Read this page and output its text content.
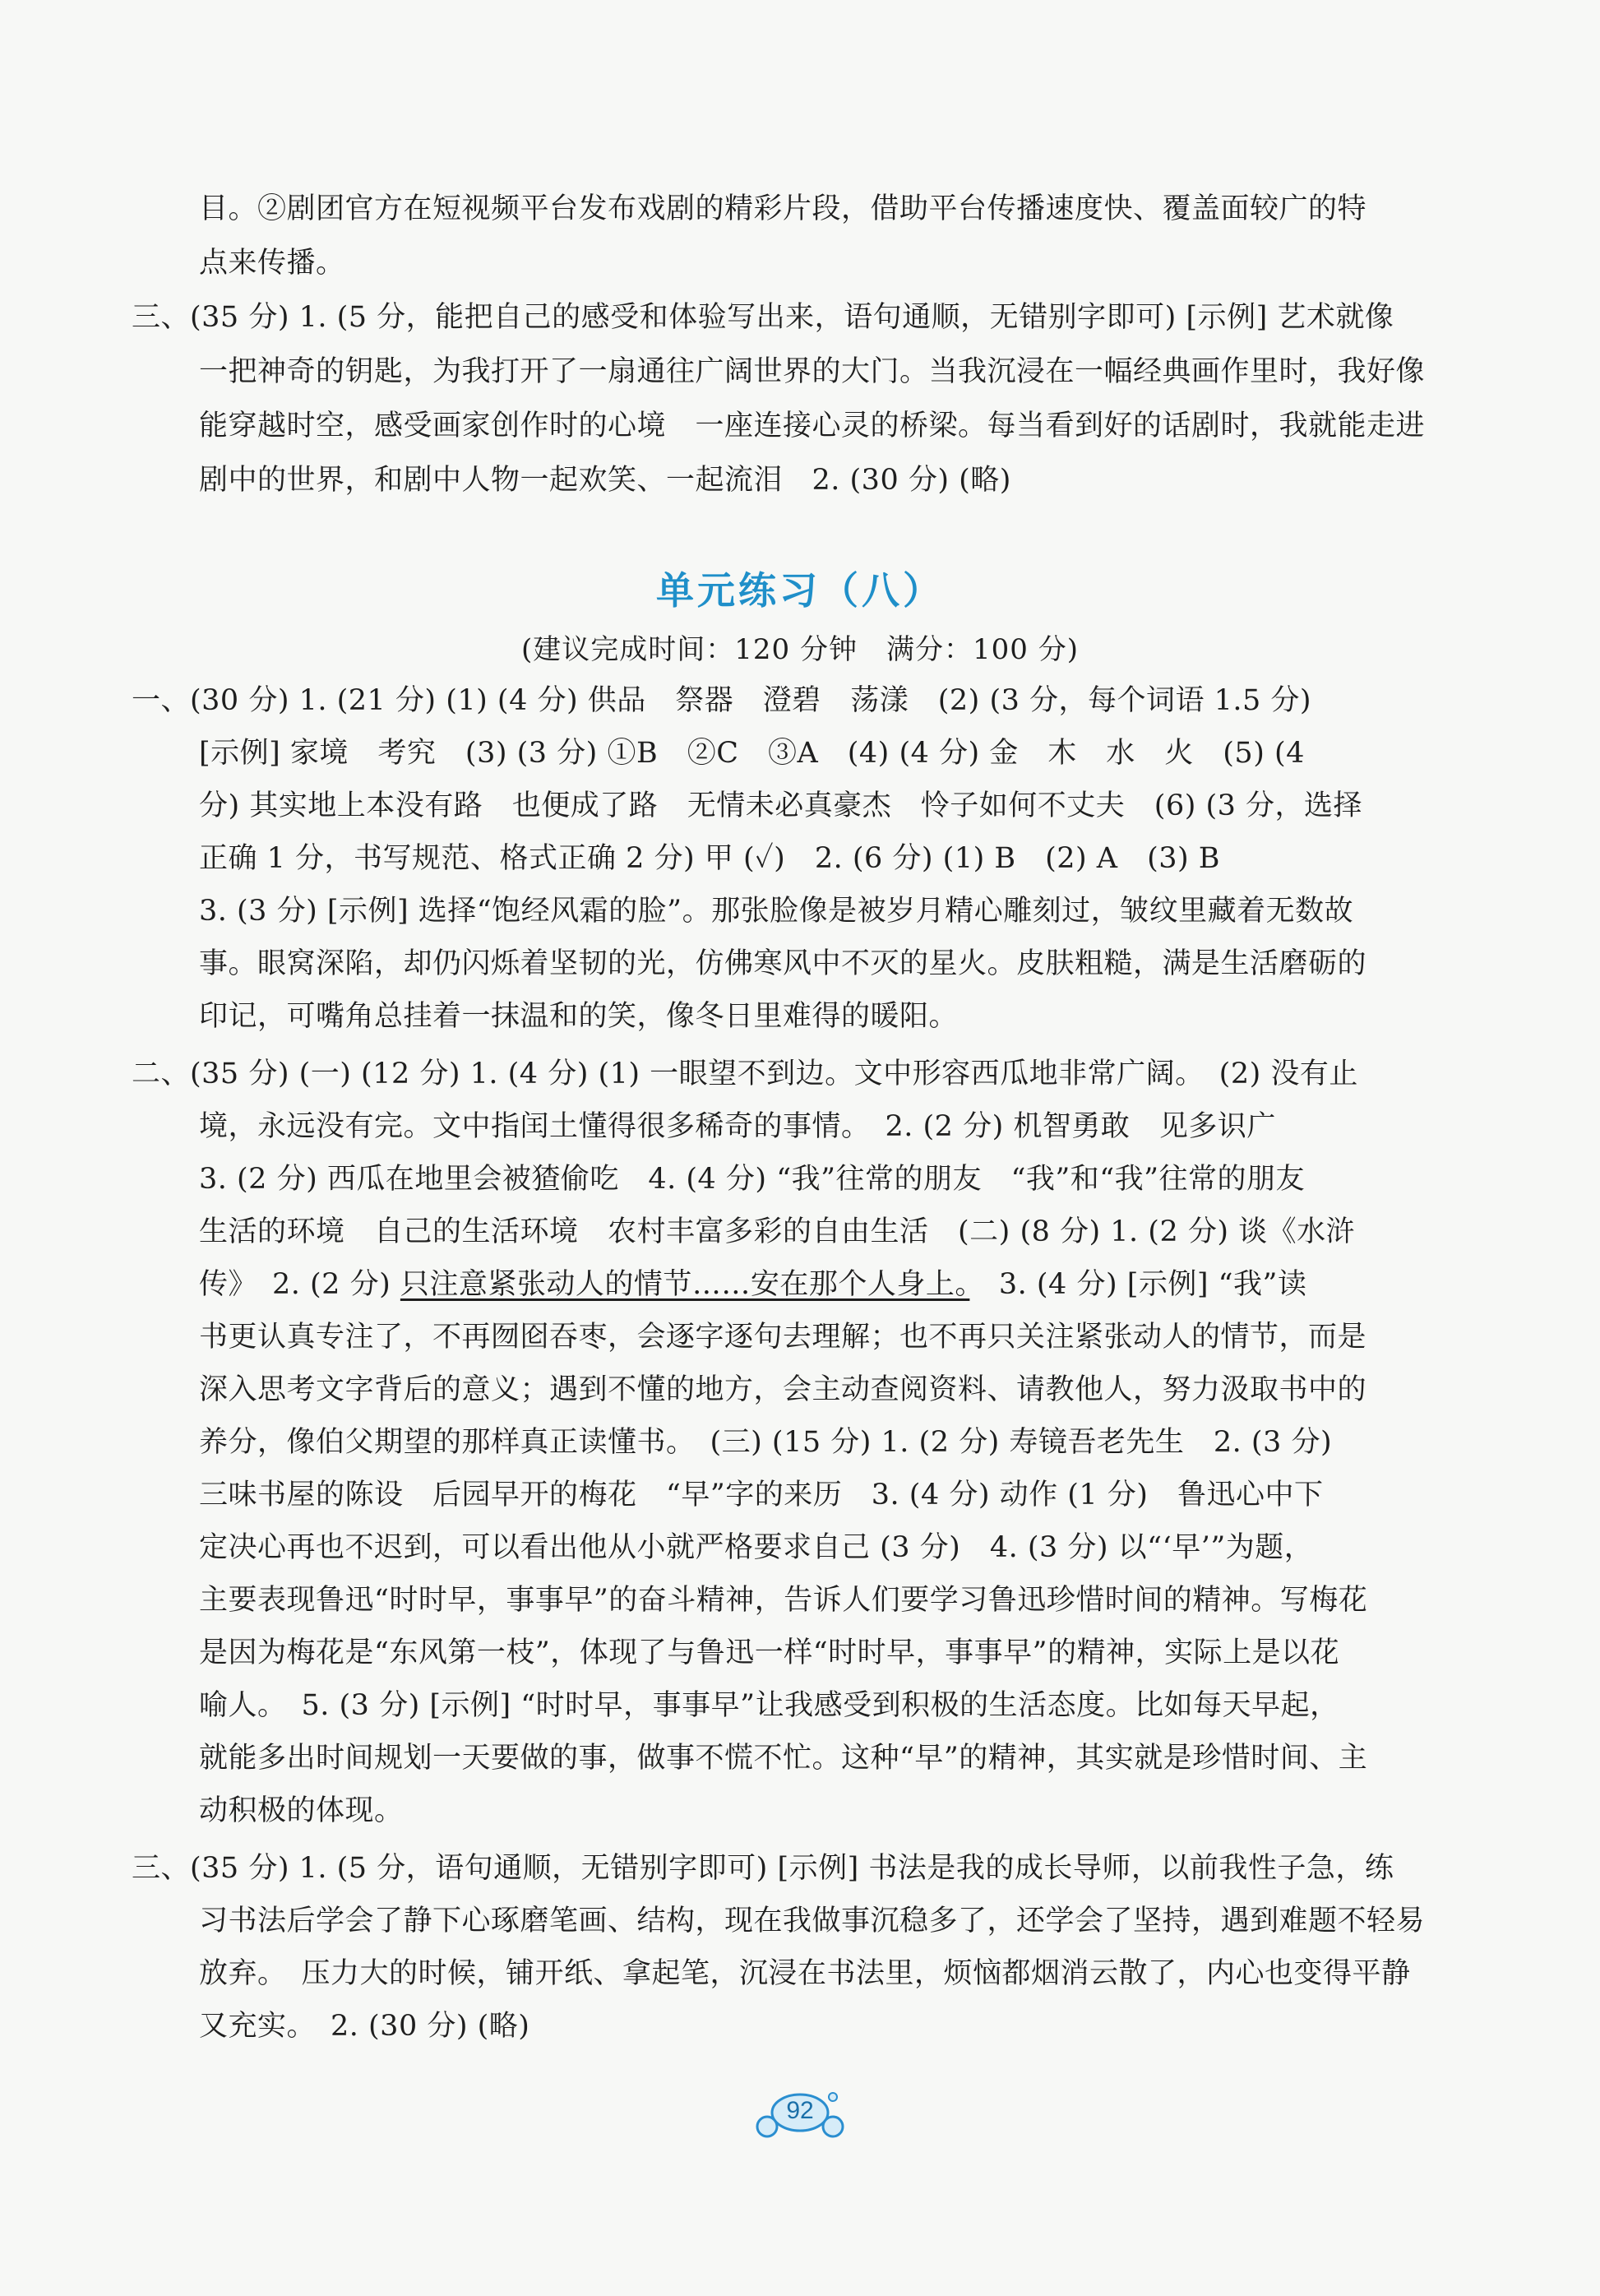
目。②剧团官方在短视频平台发布戏剧的精彩片段，借助平台传播速度快、覆盖面较广的特
点来传播。
三、(35 分) 1. (5 分，能把自己的感受和体验写出来，语句通顺，无错别字即可) [示例] 艺术就像
一把神奇的钥匙，为我打开了一扇通往广阔世界的大门。当我沉浸在一幅经典画作里时，我好像
能穿越时空，感受画家创作时的心境　一座连接心灵的桥梁。每当看到好的话剧时，我就能走进
剧中的世界，和剧中人物一起欢笑、一起流泪　2. (30 分) (略)
单元练习（八）
(建议完成时间：120 分钟　满分：100 分)
一、(30 分) 1. (21 分) (1) (4 分) 供品　祭器　澄碧　荡漾　(2) (3 分，每个词语 1.5 分)
[示例] 家境　考究　(3) (3 分) ①B　②C　③A　(4) (4 分) 金　木　水　火　(5) (4
分) 其实地上本没有路　也便成了路　无情未必真豪杰　怜子如何不丈夫　(6) (3 分，选择
正确 1 分，书写规范、格式正确 2 分) 甲 (✓)　2. (6 分) (1) B　(2) A　(3) B
3. (3 分) [示例] 选择“饱经风霜的脸”。那张脸像是被岁月精心雕刻过，皱纹里藏着无数故
事。眼窝深陷，却仍闪烁着坚韧的光，仿佛寒风中不灭的星火。皮肤粗糙，满是生活磨砺的
印记，可嘴角总挂着一抹温和的笑，像冬日里难得的暖阳。
二、(35 分) (一) (12 分) 1. (4 分) (1) 一眼望不到边。文中形容西瓜地非常广阔。　(2) 没有止
境，永远没有完。文中指闰土懂得很多稀奇的事情。　2. (2 分) 机智勇敢　见多识广
3. (2 分) 西瓜在地里会被猹偷吃　4. (4 分) “我”往常的朋友　“我”和“我”往常的朋友
生活的环境　自己的生活环境　农村丰富多彩的自由生活　(二) (8 分) 1. (2 分) 谈《水浒
传》　2. (2 分) 只注意紧张动人的情节……安在那个人身上。　3. (4 分) [示例] “我”读
书更认真专注了，不再囫囵吞枣，会逐字逐句去理解；也不再只关注紧张动人的情节，而是
深入思考文字背后的意义；遇到不懂的地方，会主动查阅资料、请教他人，努力汲取书中的
养分，像伯父期望的那样真正读懂书。　(三) (15 分) 1. (2 分) 寿镜吾老先生　2. (3 分)
三味书屋的陈设　后园早开的梅花　“早”字的来历　3. (4 分) 动作 (1 分)　鲁迅心中下
定决心再也不迟到，可以看出他从小就严格要求自己 (3 分)　4. (3 分) 以“‘早’”为题，
主要表现鲁迅“时时早，事事早”的奋斗精神，告诉人们要学习鲁迅珍惜时间的精神。写梅花
是因为梅花是“东风第一枝”，体现了与鲁迅一样“时时早，事事早”的精神，实际上是以花
喻人。　5. (3 分) [示例] “时时早，事事早”让我感受到积极的生活态度。比如每天早起，
就能多出时间规划一天要做的事，做事不慌不忙。这种“早”的精神，其实就是珍惜时间、主
动积极的体现。
三、(35 分) 1. (5 分，语句通顺，无错别字即可) [示例] 书法是我的成长导师，以前我性子急，练
习书法后学会了静下心琢磨笔画、结构，现在我做事沉稳多了，还学会了坚持，遇到难题不轻易
放弃。　压力大的时候，铺开纸、拿起笔，沉浸在书法里，烦恼都烟消云散了，内心也变得平静
又充实。　2. (30 分) (略)
92
